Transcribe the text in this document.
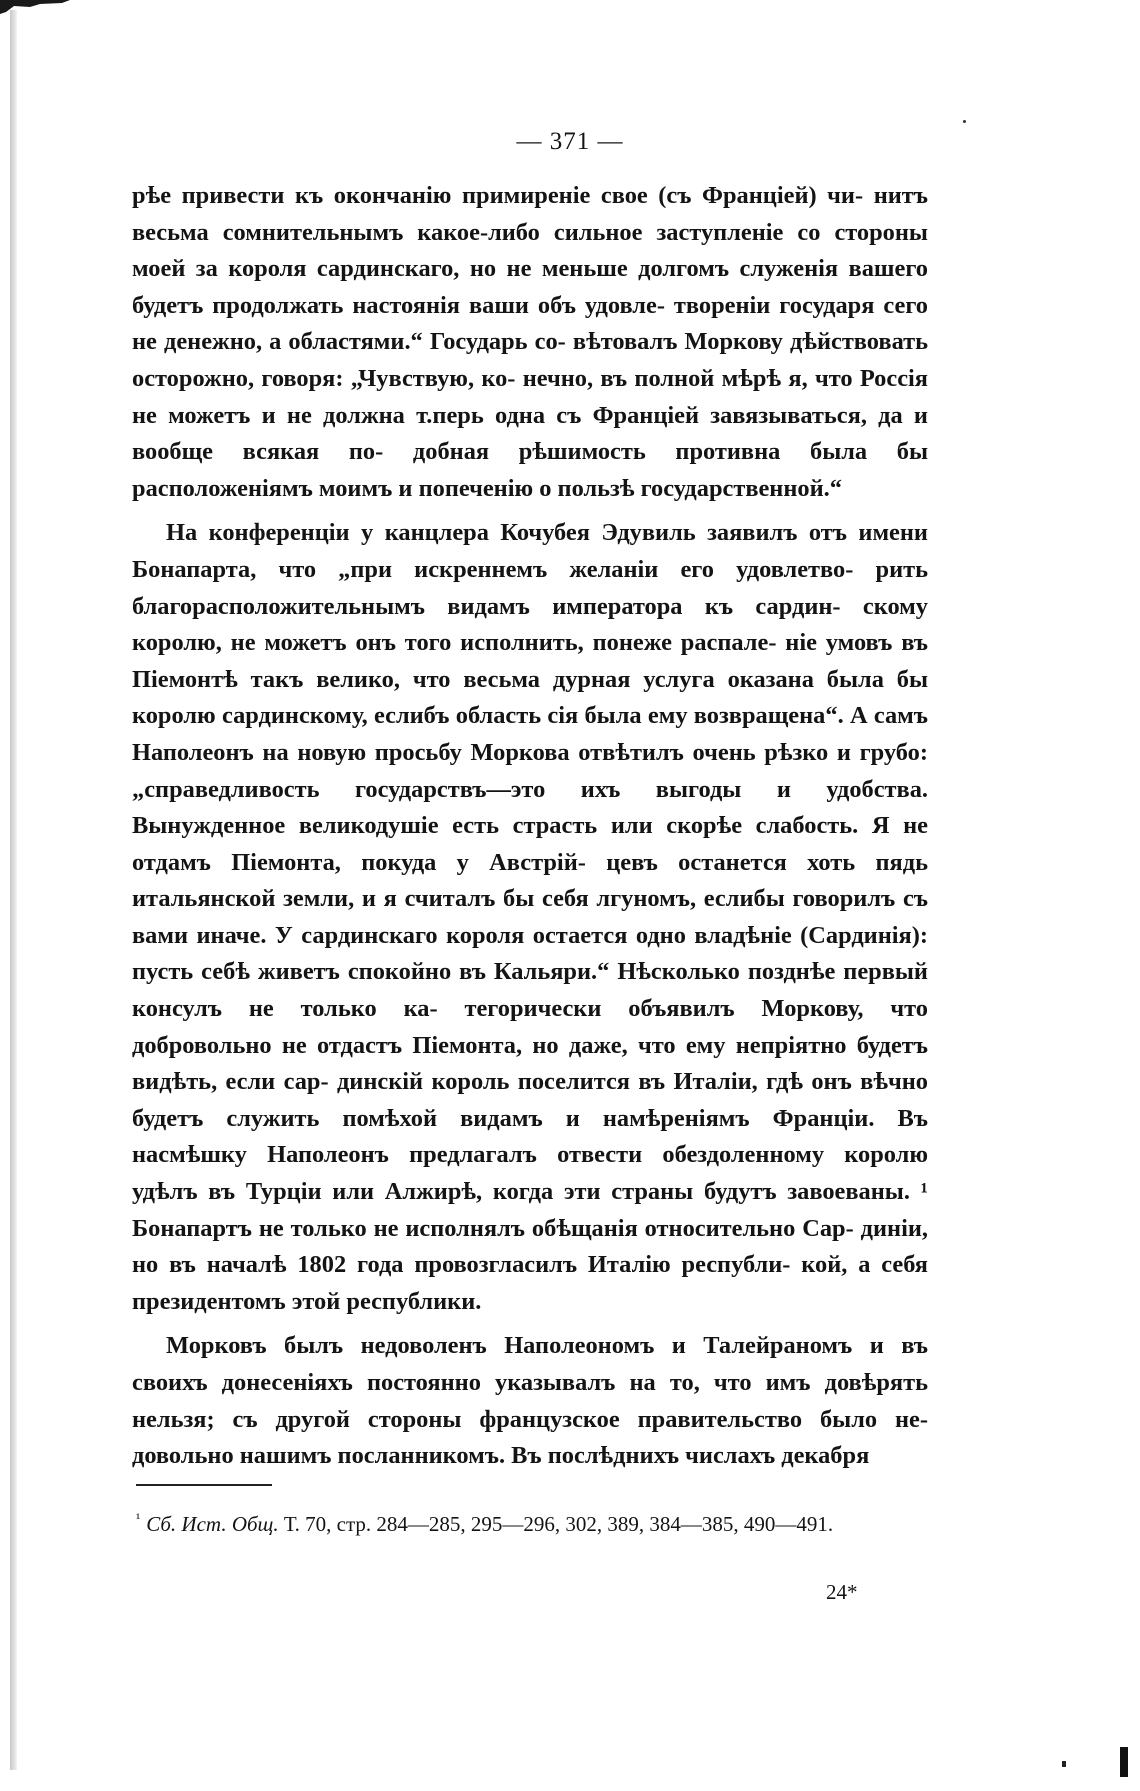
— 371 —

рѣе привести къ окончанію примиреніе свое (съ Франціей) чи- нитъ весьма сомнительнымъ какое-либо сильное заступленіе со стороны моей за короля сардинскаго, но не меньше долгомъ служенія вашего будетъ продолжать настоянія ваши объ удовле- твореніи государя сего не денежно, а областями.“ Государь со- вѣтовалъ Моркову дѣйствовать осторожно, говоря: „Чувствую, ко- нечно, въ полной мѣрѣ я, что Россія не можетъ и не должна т.перь одна съ Франціей завязываться, да и вообще всякая по- добная рѣшимость противна была бы расположеніямъ моимъ и попеченію о пользѣ государственной.“

На конференціи у канцлера Кочубея Эдувиль заявилъ отъ имени Бонапарта, что „при искреннемъ желаніи его удовлетво- рить благорасположительнымъ видамъ императора къ сардин- скому королю, не можетъ онъ того исполнить, понеже распале- ніе умовъ въ Піемонтѣ такъ велико, что весьма дурная услуга оказана была бы королю сардинскому, еслибъ область сія была ему возвращена“. А самъ Наполеонъ на новую просьбу Моркова отвѣтилъ очень рѣзко и грубо: „справедливость государствъ—это ихъ выгоды и удобства. Вынужденное великодушіе есть страсть или скорѣе слабость. Я не отдамъ Піемонта, покуда у Австрій- цевъ останется хоть пядь итальянской земли, и я считалъ бы себя лгуномъ, еслибы говорилъ съ вами иначе. У сардинскаго короля остается одно владѣніе (Сардинія): пусть себѣ живетъ спокойно въ Кальяри.“ Нѣсколько позднѣе первый консулъ не только ка- тегорически объявилъ Моркову, что добровольно не отдастъ Піемонта, но даже, что ему непріятно будетъ видѣть, если сар- динскій король поселится въ Италіи, гдѣ онъ вѣчно будетъ служить помѣхой видамъ и намѣреніямъ Франціи. Въ насмѣшку Наполеонъ предлагалъ отвести обездоленному королю удѣлъ въ Турціи или Алжирѣ, когда эти страны будутъ завоеваны. ¹ Бонапартъ не только не исполнялъ обѣщанія относительно Сар- диніи, но въ началѣ 1802 года провозгласилъ Италію республи- кой, а себя президентомъ этой республики.

Морковъ былъ недоволенъ Наполеономъ и Талейраномъ и въ своихъ донесеніяхъ постоянно указывалъ на то, что имъ довѣрять нельзя; съ другой стороны французское правительство было не- довольно нашимъ посланникомъ. Въ послѣднихъ числахъ декабря

$^{^1}$ Сб. Ист. Общ. Т. 70, стр. 284—285, 295—296, 302, 389, 384—385, 490—491.
24*
